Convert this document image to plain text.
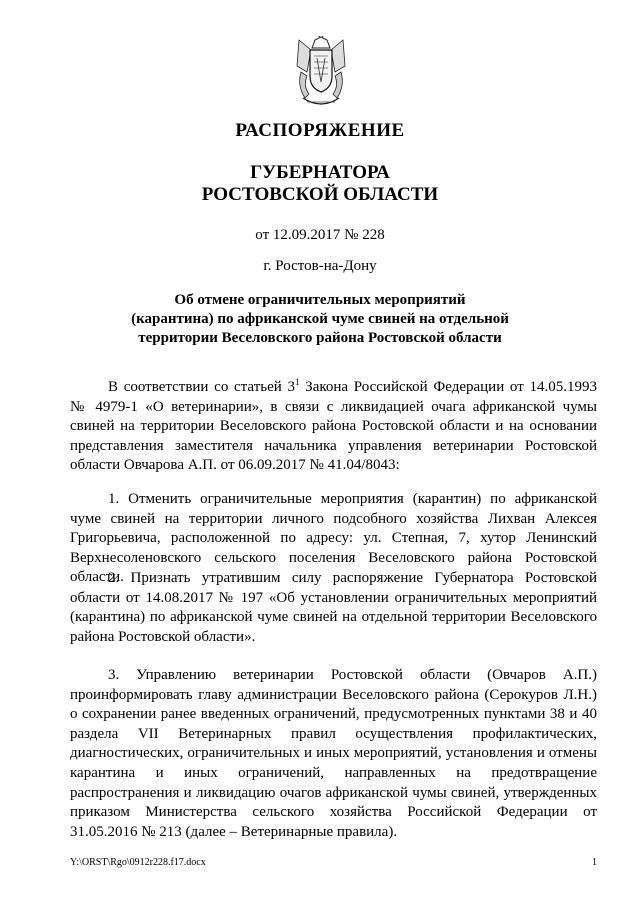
РАСПОРЯЖЕНИЕ
ГУБЕРНАТОРА
РОСТОВСКОЙ ОБЛАСТИ
от 12.09.2017 № 228
г. Ростов-на-Дону
Об отмене ограничительных мероприятий
(карантина) по африканской чуме свиней на отдельной
территории Веселовского района Ростовской области

В соответствии со статьей $3^1$ Закона Российской Федерации от 14.05.1993 № 4979-1 «О ветеринарии», в связи с ликвидацией очага африканской чумы свиней на территории Веселовского района Ростовской области и на основании представления заместителя начальника управления ветеринарии Ростовской области Овчарова А.П. от 06.09.2017 № 41.04/8043:

1. Отменить ограничительные мероприятия (карантин) по африканской чуме свиней на территории личного подсобного хозяйства Лихван Алексея Григорьевича, расположенной по адресу: ул. Степная, 7, хутор Ленинский Верхнесоленовского сельского поселения Веселовского района Ростовской области.

2. Признать утратившим силу распоряжение Губернатора Ростовской области от 14.08.2017 № 197 «Об установлении ограничительных мероприятий (карантина) по африканской чуме свиней на отдельной территории Веселовского района Ростовской области».

3. Управлению ветеринарии Ростовской области (Овчаров А.П.) проинформировать главу администрации Веселовского района (Серокуров Л.Н.) о сохранении ранее введенных ограничений, предусмотренных пунктами 38 и 40 раздела VII Ветеринарных правил осуществления профилактических, диагностических, ограничительных и иных мероприятий, установления и отмены карантина и иных ограничений, направленных на предотвращение распространения и ликвидацию очагов африканской чумы свиней, утвержденных приказом Министерства сельского хозяйства Российской Федерации от 31.05.2016 № 213 (далее – Ветеринарные правила).

Y:\ORST\Rgo\0912r228.f17.docx	1
